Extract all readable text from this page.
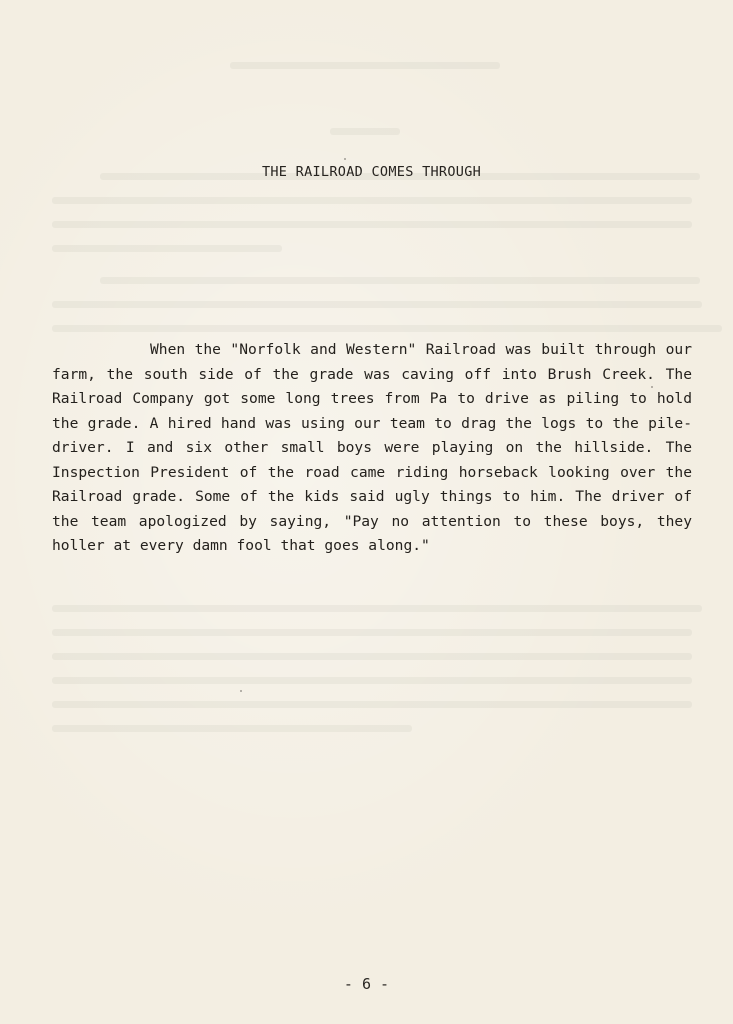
THE RAILROAD COMES THROUGH

When the "Norfolk and Western" Railroad was built through our farm, the south side of the grade was caving off into Brush Creek. The Railroad Company got some long trees from Pa to drive as piling to hold the grade. A hired hand was using our team to drag the logs to the pile-driver. I and six other small boys were playing on the hillside. The Inspection President of the road came riding horseback looking over the Railroad grade. Some of the kids said ugly things to him. The driver of the team apologized by saying, "Pay no attention to these boys, they holler at every damn fool that goes along."

- 6 -
